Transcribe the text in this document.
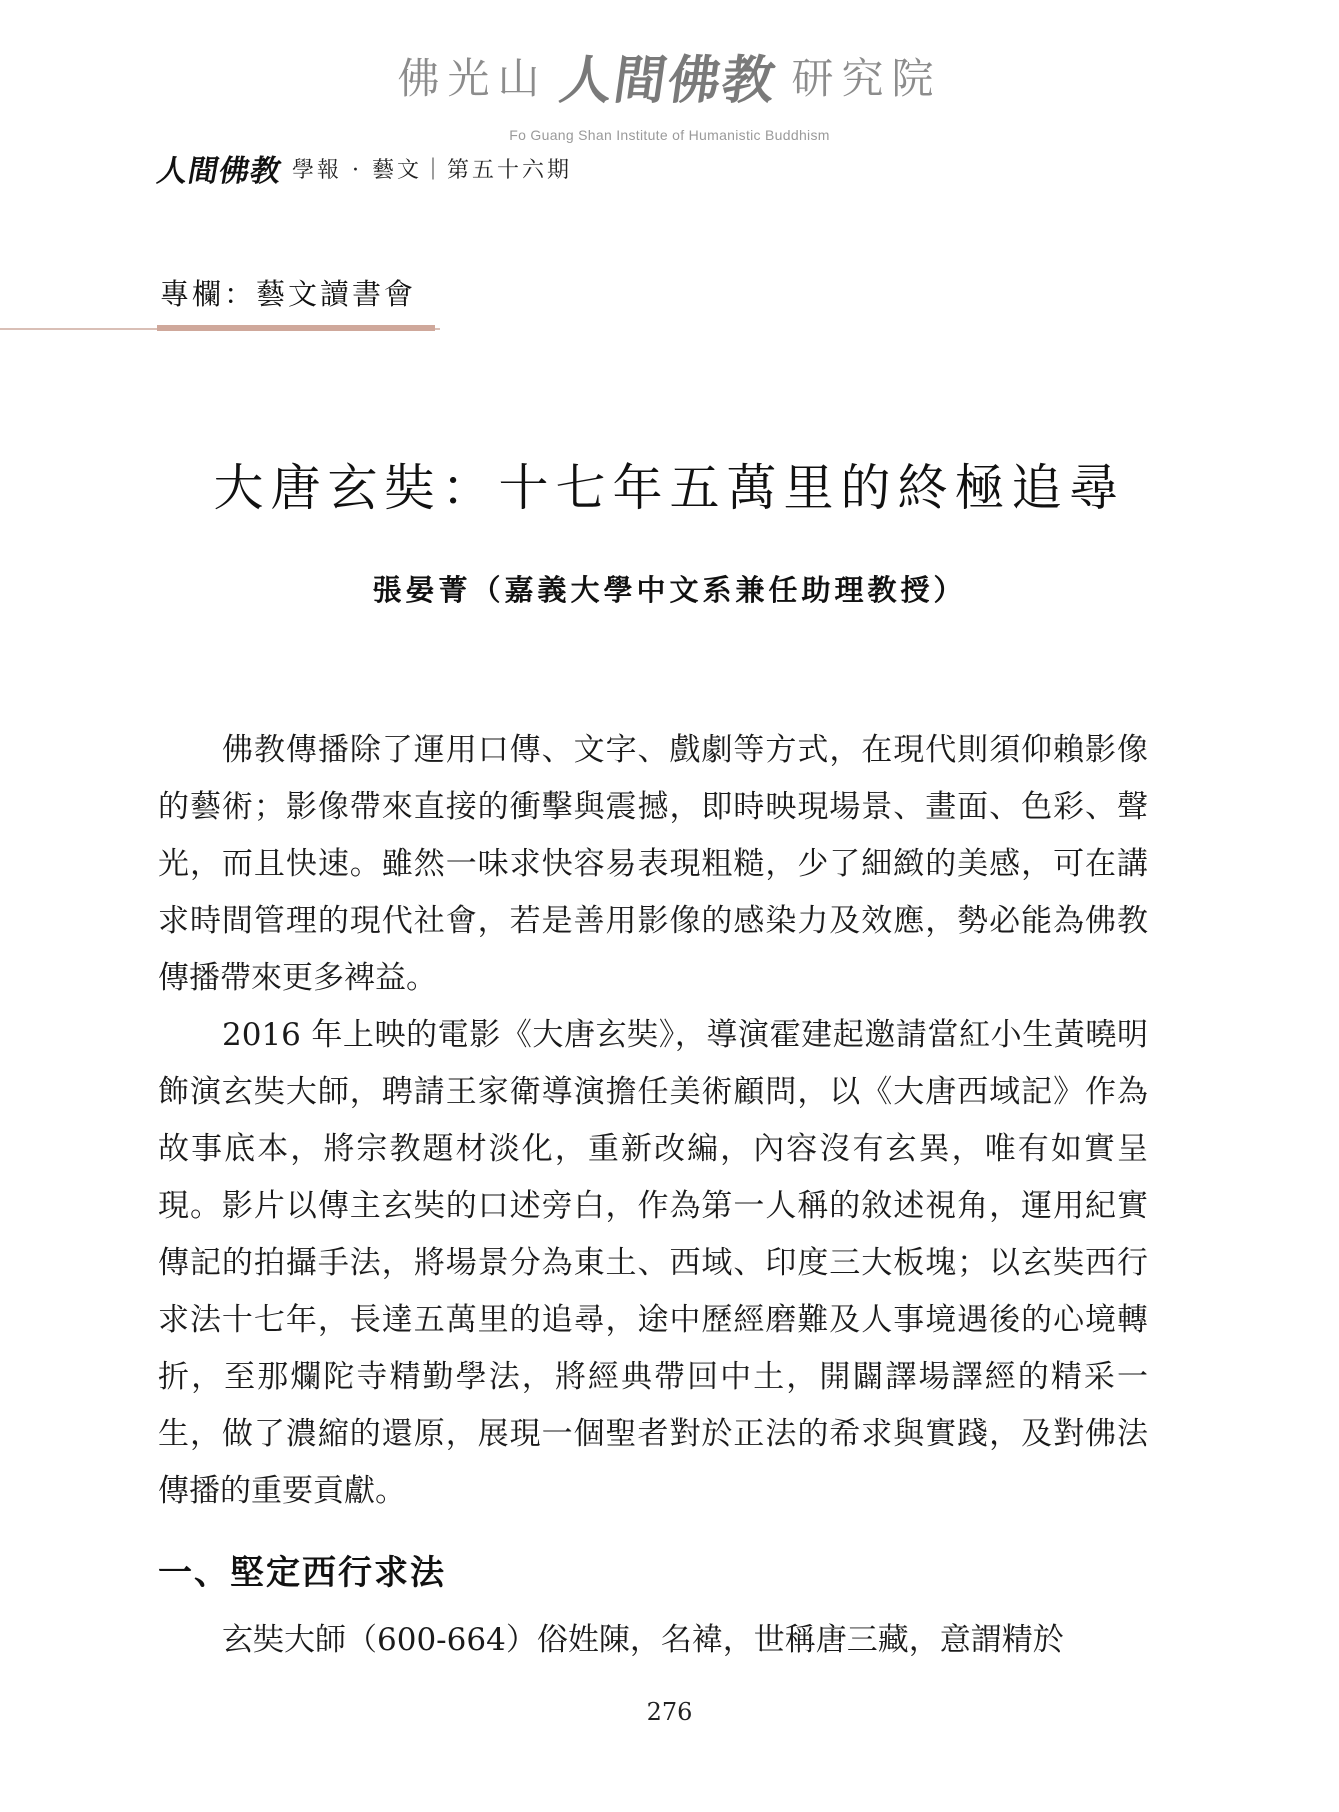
佛光山 人間佛教 研究院
Fo Guang Shan Institute of Humanistic Buddhism
人間佛教 學報 · 藝文｜第五十六期
專欄：藝文讀書會
大唐玄奘：十七年五萬里的終極追尋
張晏菁（嘉義大學中文系兼任助理教授）

佛教傳播除了運用口傳、文字、戲劇等方式，在現代則須仰賴影像的藝術；影像帶來直接的衝擊與震撼，即時映現場景、畫面、色彩、聲光，而且快速。雖然一味求快容易表現粗糙，少了細緻的美感，可在講求時間管理的現代社會，若是善用影像的感染力及效應，勢必能為佛教傳播帶來更多裨益。

2016 年上映的電影《大唐玄奘》，導演霍建起邀請當紅小生黃曉明飾演玄奘大師，聘請王家衛導演擔任美術顧問，以《大唐西域記》作為故事底本，將宗教題材淡化，重新改編，內容沒有玄異，唯有如實呈現。影片以傳主玄奘的口述旁白，作為第一人稱的敘述視角，運用紀實傳記的拍攝手法，將場景分為東土、西域、印度三大板塊；以玄奘西行求法十七年，長達五萬里的追尋，途中歷經磨難及人事境遇後的心境轉折，至那爛陀寺精勤學法，將經典帶回中土，開闢譯場譯經的精采一生，做了濃縮的還原，展現一個聖者對於正法的希求與實踐，及對佛法傳播的重要貢獻。

一、堅定西行求法

玄奘大師（600-664）俗姓陳，名褘，世稱唐三藏，意謂精於

276
